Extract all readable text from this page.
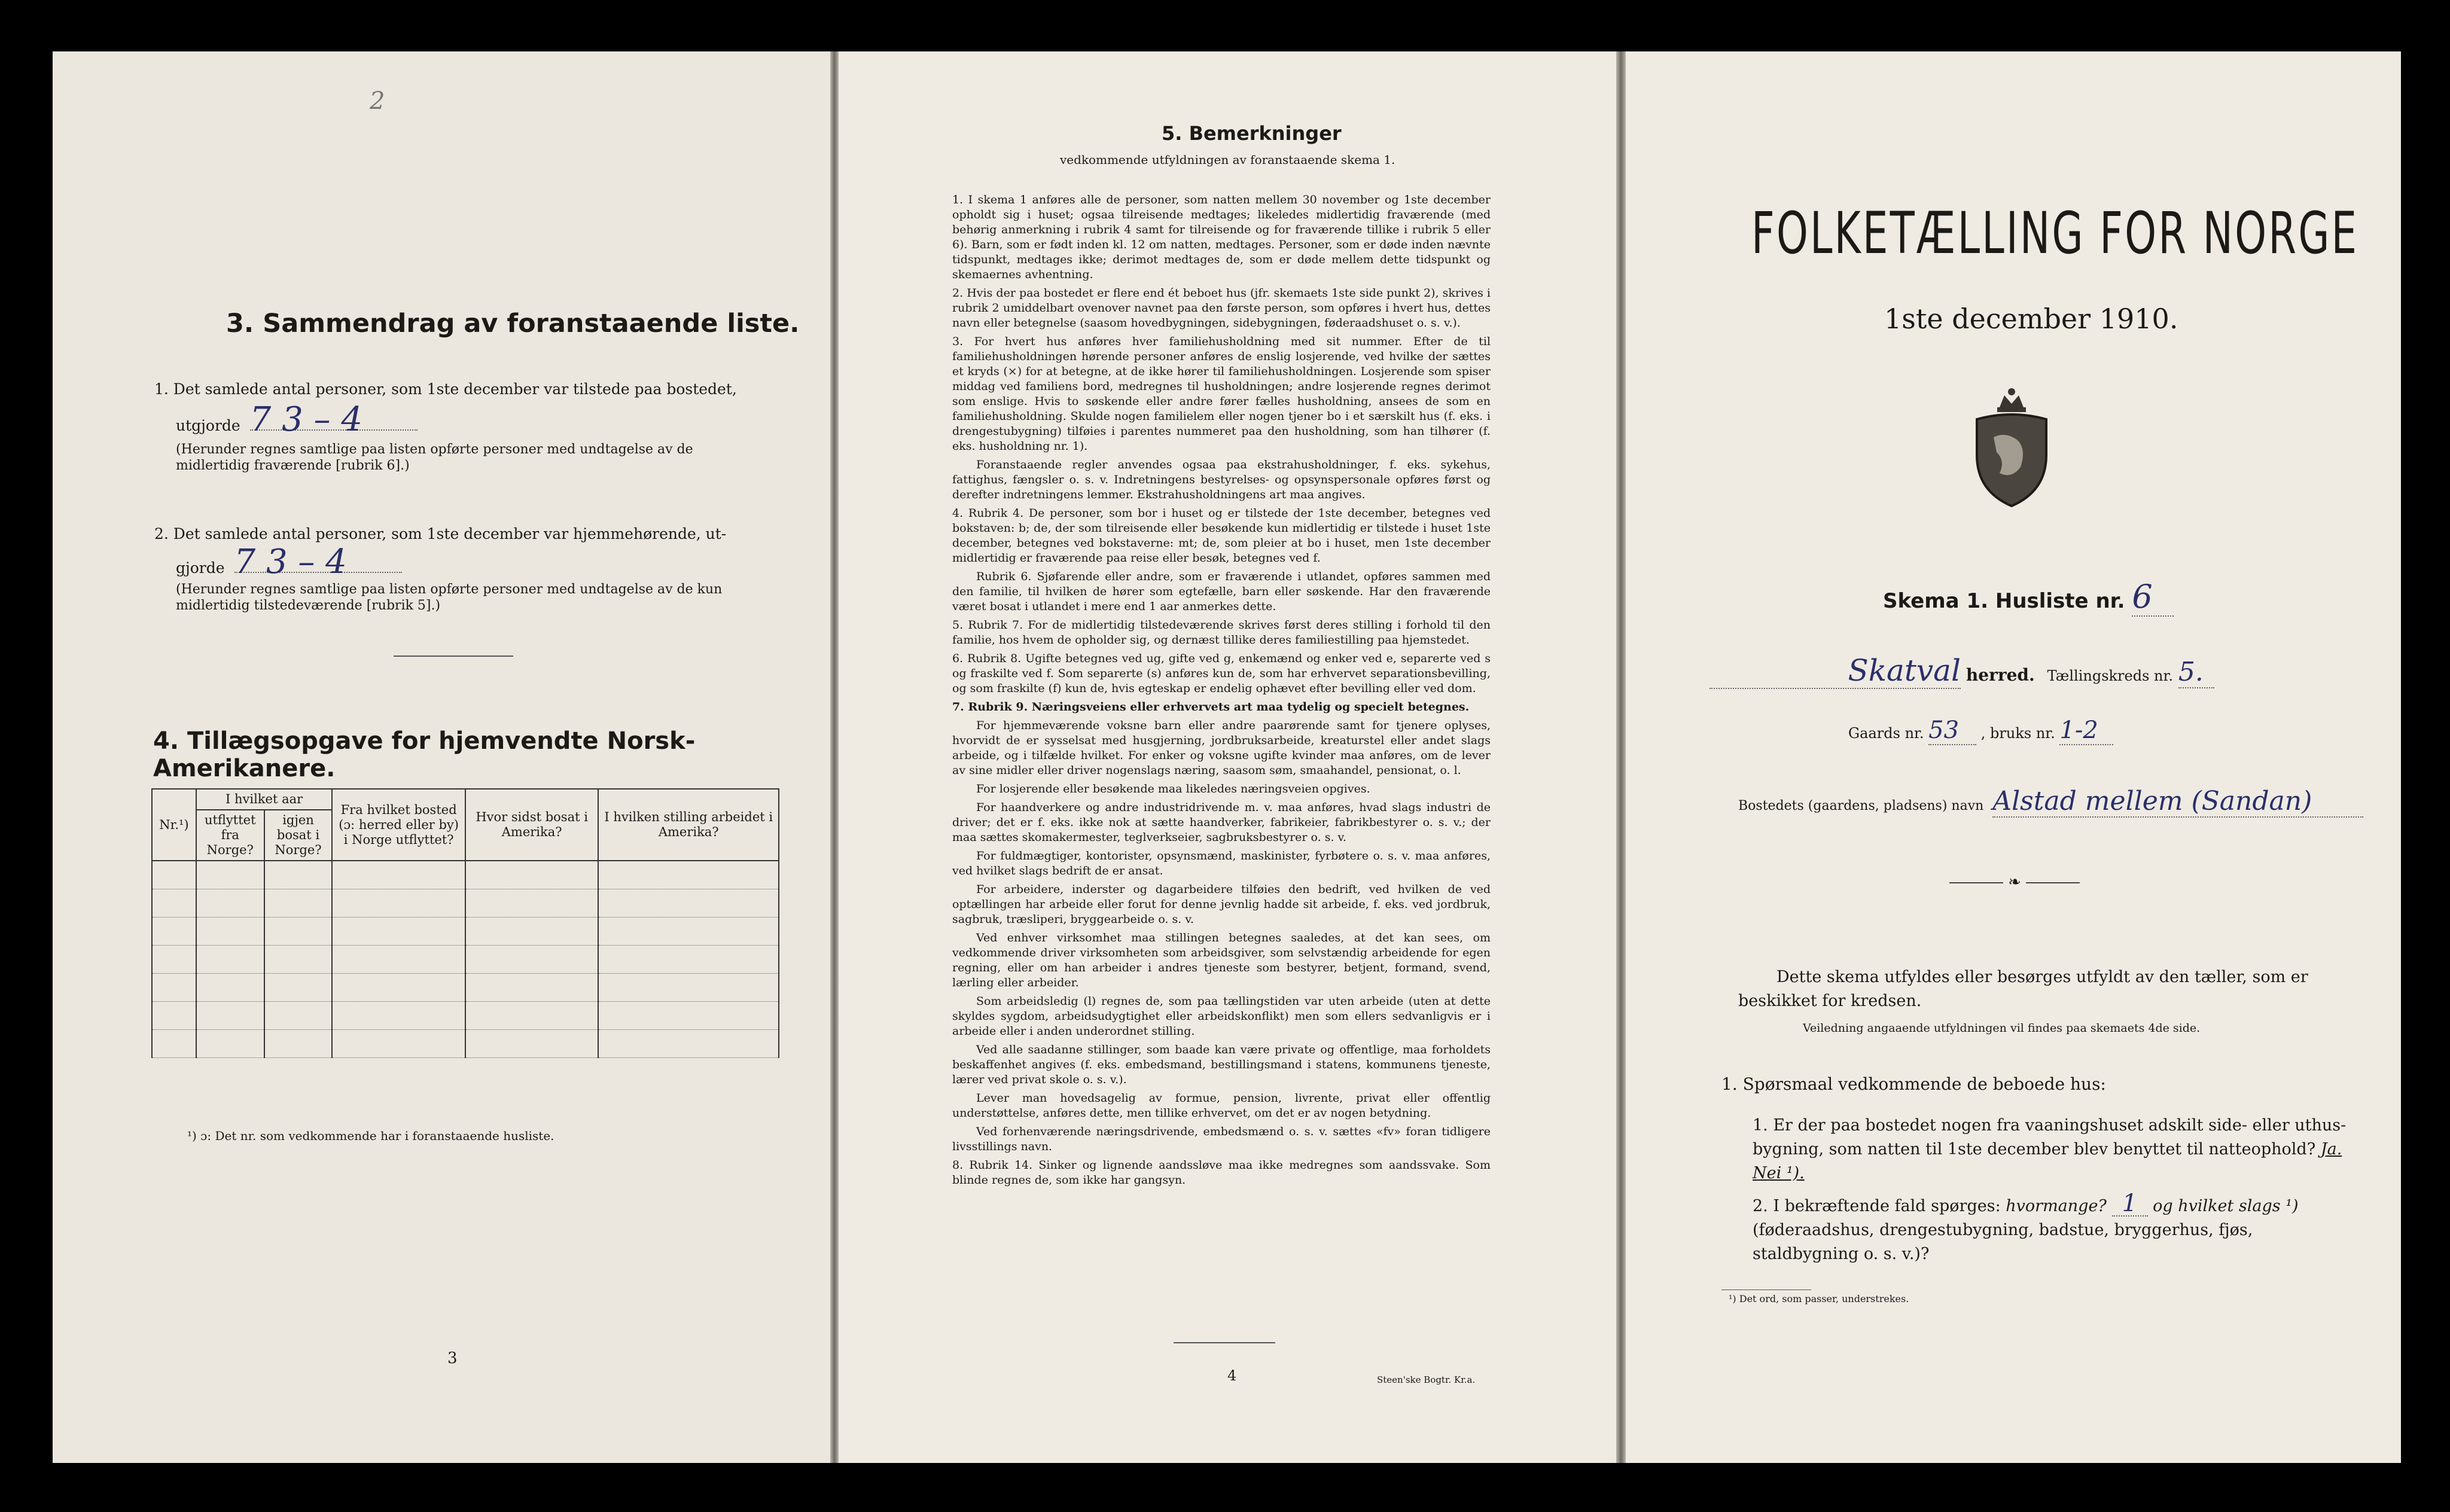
2
3. Sammendrag av foranstaaende liste.
1. Det samlede antal personer, som 1ste december var tilstede paa bostedet,
utgjorde 7 3 – 4
(Herunder regnes samtlige paa listen opførte personer med undtagelse av de midlertidig fraværende [rubrik 6].)
2. Det samlede antal personer, som 1ste december var hjemmehørende, ut-
gjorde 7 3 – 4
(Herunder regnes samtlige paa listen opførte personer med undtagelse av de kun midlertidig tilstedeværende [rubrik 5].)
4. Tillægsopgave for hjemvendte Norsk-Amerikanere.
Nr.¹)	I hvilket aar		Fra hvilket bosted (ɔ: herred eller by) i Norge utflyttet?	Hvor sidst bosat i Amerika?	I hvilken stilling arbeidet i Amerika?
	utflyttet fra Norge?	igjen bosat i Norge?			

¹) ɔ: Det nr. som vedkommende har i foranstaaende husliste.
3
5. Bemerkninger
vedkommende utfyldningen av foranstaaende skema 1.

1. I skema 1 anføres alle de personer, som natten mellem 30 november og 1ste december opholdt sig i huset; ogsaa tilreisende medtages; likeledes midlertidig fraværende (med behørig anmerkning i rubrik 4 samt for tilreisende og for fraværende tillike i rubrik 5 eller 6). Barn, som er født inden kl. 12 om natten, medtages. Personer, som er døde inden nævnte tidspunkt, medtages ikke; derimot medtages de, som er døde mellem dette tidspunkt og skemaernes avhentning.

2. Hvis der paa bostedet er flere end ét beboet hus (jfr. skemaets 1ste side punkt 2), skrives i rubrik 2 umiddelbart ovenover navnet paa den første person, som opføres i hvert hus, dettes navn eller betegnelse (saasom hovedbygningen, sidebygningen, føderaadshuset o. s. v.).

3. For hvert hus anføres hver familiehusholdning med sit nummer. Efter de til familiehusholdningen hørende personer anføres de enslig losjerende, ved hvilke der sættes et kryds (×) for at betegne, at de ikke hører til familiehusholdningen. Losjerende som spiser middag ved familiens bord, medregnes til husholdningen; andre losjerende regnes derimot som enslige. Hvis to søskende eller andre fører fælles husholdning, ansees de som en familiehusholdning. Skulde nogen familielem eller nogen tjener bo i et særskilt hus (f. eks. i drengestubygning) tilføies i parentes nummeret paa den husholdning, som han tilhører (f. eks. husholdning nr. 1).

Foranstaaende regler anvendes ogsaa paa ekstrahusholdninger, f. eks. sykehus, fattighus, fængsler o. s. v. Indretningens bestyrelses- og opsynspersonale opføres først og derefter indretningens lemmer. Ekstrahusholdningens art maa angives.

4. Rubrik 4. De personer, som bor i huset og er tilstede der 1ste december, betegnes ved bokstaven: b; de, der som tilreisende eller besøkende kun midlertidig er tilstede i huset 1ste december, betegnes ved bokstaverne: mt; de, som pleier at bo i huset, men 1ste december midlertidig er fraværende paa reise eller besøk, betegnes ved f.

Rubrik 6. Sjøfarende eller andre, som er fraværende i utlandet, opføres sammen med den familie, til hvilken de hører som egtefælle, barn eller søskende. Har den fraværende været bosat i utlandet i mere end 1 aar anmerkes dette.

5. Rubrik 7. For de midlertidig tilstedeværende skrives først deres stilling i forhold til den familie, hos hvem de opholder sig, og dernæst tillike deres familiestilling paa hjemstedet.

6. Rubrik 8. Ugifte betegnes ved ug, gifte ved g, enkemænd og enker ved e, separerte ved s og fraskilte ved f. Som separerte (s) anføres kun de, som har erhvervet separationsbevilling, og som fraskilte (f) kun de, hvis egteskap er endelig ophævet efter bevilling eller ved dom.

7. Rubrik 9. Næringsveiens eller erhvervets art maa tydelig og specielt betegnes.

For hjemmeværende voksne barn eller andre paarørende samt for tjenere oplyses, hvorvidt de er sysselsat med husgjerning, jordbruksarbeide, kreaturstel eller andet slags arbeide, og i tilfælde hvilket. For enker og voksne ugifte kvinder maa anføres, om de lever av sine midler eller driver nogenslags næring, saasom søm, smaahandel, pensionat, o. l.

For losjerende eller besøkende maa likeledes næringsveien opgives.

For haandverkere og andre industridrivende m. v. maa anføres, hvad slags industri de driver; det er f. eks. ikke nok at sætte haandverker, fabrikeier, fabrikbestyrer o. s. v.; der maa sættes skomakermester, teglverkseier, sagbruksbestyrer o. s. v.

For fuldmægtiger, kontorister, opsynsmænd, maskinister, fyrbøtere o. s. v. maa anføres, ved hvilket slags bedrift de er ansat.

For arbeidere, inderster og dagarbeidere tilføies den bedrift, ved hvilken de ved optællingen har arbeide eller forut for denne jevnlig hadde sit arbeide, f. eks. ved jordbruk, sagbruk, træsliperi, bryggearbeide o. s. v.

Ved enhver virksomhet maa stillingen betegnes saaledes, at det kan sees, om vedkommende driver virksomheten som arbeidsgiver, som selvstændig arbeidende for egen regning, eller om han arbeider i andres tjeneste som bestyrer, betjent, formand, svend, lærling eller arbeider.

Som arbeidsledig (l) regnes de, som paa tællingstiden var uten arbeide (uten at dette skyldes sygdom, arbeidsudygtighet eller arbeidskonflikt) men som ellers sedvanligvis er i arbeide eller i anden underordnet stilling.

Ved alle saadanne stillinger, som baade kan være private og offentlige, maa forholdets beskaffenhet angives (f. eks. embedsmand, bestillingsmand i statens, kommunens tjeneste, lærer ved privat skole o. s. v.).

Lever man hovedsagelig av formue, pension, livrente, privat eller offentlig understøttelse, anføres dette, men tillike erhvervet, om det er av nogen betydning.

Ved forhenværende næringsdrivende, embedsmænd o. s. v. sættes «fv» foran tidligere livsstillings navn.

8. Rubrik 14. Sinker og lignende aandssløve maa ikke medregnes som aandssvake. Som blinde regnes de, som ikke har gangsyn.

4	Steen'ske Bogtr. Kr.a.
FOLKETÆLLING FOR NORGE
1ste december 1910.
Skema 1. Husliste nr. 6
Skatval herred. Tællingskreds nr. 5.
Gaards nr. 53 , bruks nr. 1-2
Bostedets (gaardens, pladsens) navn Alstad mellem (Sandan)
❧
Dette skema utfyldes eller besørges utfyldt av den tæller, som er beskikket for kredsen.
Veiledning angaaende utfyldningen vil findes paa skemaets 4de side.
1. Spørsmaal vedkommende de beboede hus:
1. Er der paa bostedet nogen fra vaaningshuset adskilt side- eller uthus-bygning, som natten til 1ste december blev benyttet til natteophold? Ja. Nei ¹).
2. I bekræftende fald spørges: hvormange? 1 og hvilket slags ¹) (føderaadshus, drengestubygning, badstue, bryggerhus, fjøs, staldbygning o. s. v.)?
¹) Det ord, som passer, understrekes.
